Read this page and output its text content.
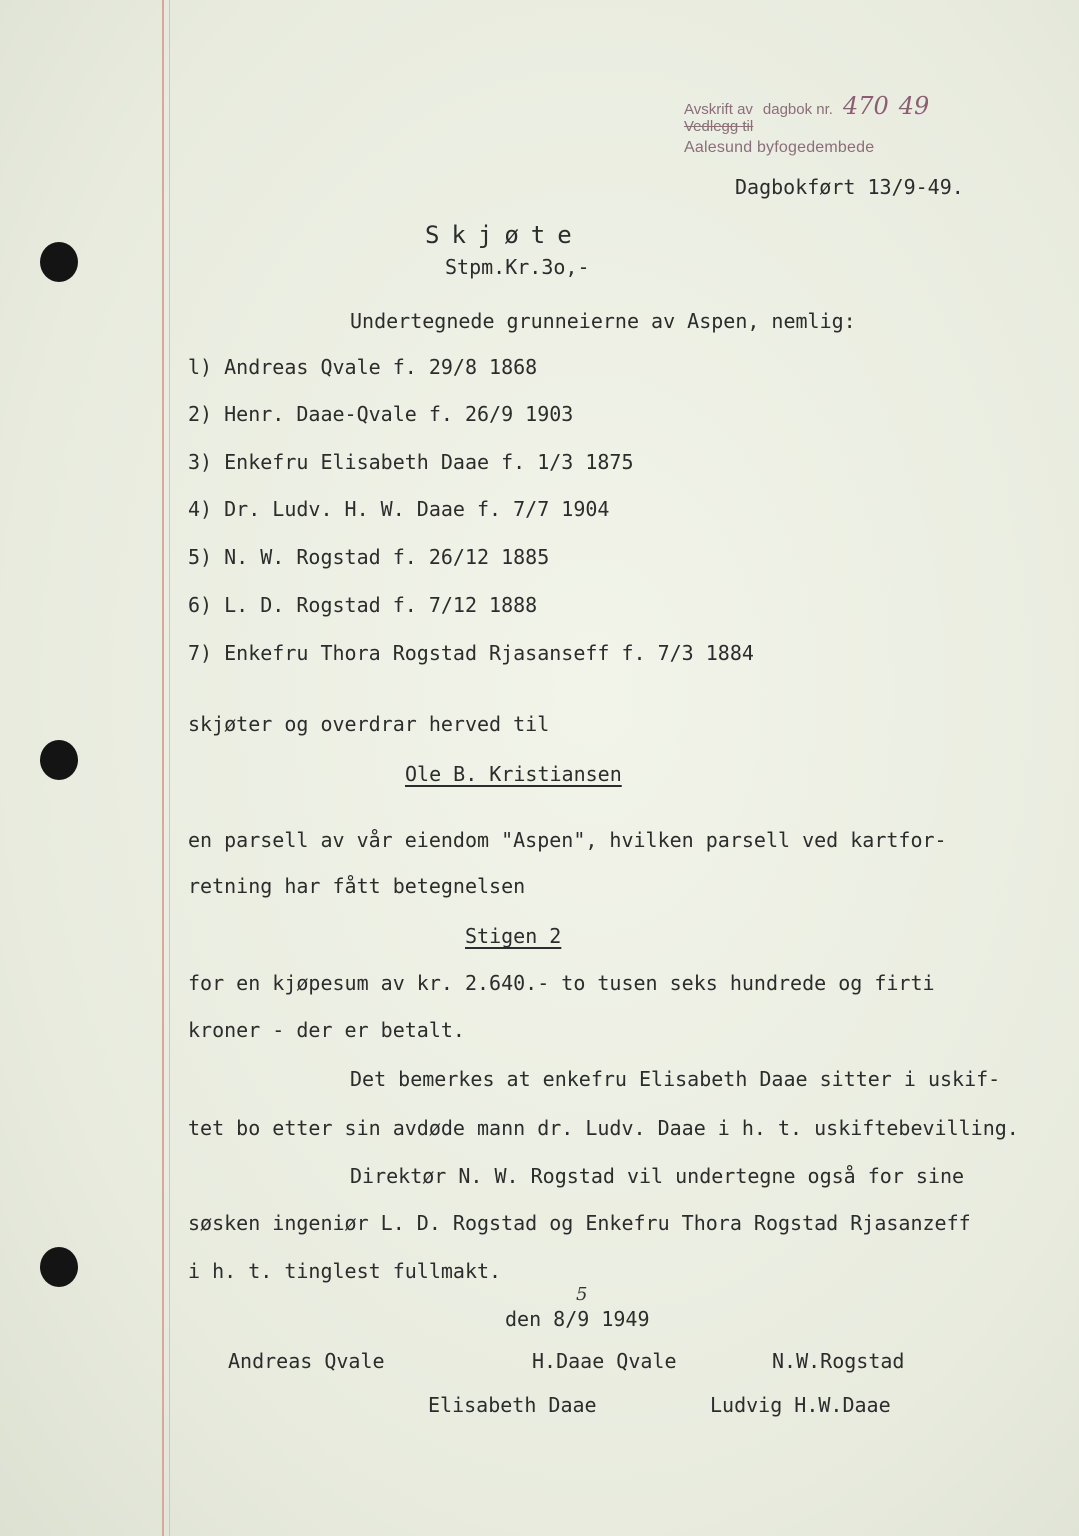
Avskrift av dagbok nr. 470 49
Vedlegg til
Aalesund byfogedembede
Dagbokført 13/9-49.
Skjøte
Stpm.Kr.3o,-
Undertegnede grunneierne av Aspen, nemlig:
l) Andreas Qvale f. 29/8 1868
2) Henr. Daae-Qvale f. 26/9 1903
3) Enkefru Elisabeth Daae f. 1/3 1875
4) Dr. Ludv. H. W. Daae f. 7/7 1904
5) N. W. Rogstad f. 26/12 1885
6) L. D. Rogstad f. 7/12 1888
7) Enkefru Thora Rogstad Rjasanseff f. 7/3 1884
skjøter og overdrar herved til
Ole B. Kristiansen
en parsell av vår eiendom "Aspen", hvilken parsell ved kartfor-
retning har fått betegnelsen
Stigen 2
for en kjøpesum av kr. 2.640.- to tusen seks hundrede og firti
kroner - der er betalt.
Det bemerkes at enkefru Elisabeth Daae sitter i uskif-
tet bo etter sin avdøde mann dr. Ludv. Daae i h. t. uskiftebevilling.
Direktør N. W. Rogstad vil undertegne også for sine
søsken ingeniør L. D. Rogstad og Enkefru Thora Rogstad Rjasanzeff
i h. t. tinglest fullmakt.
5
den 8/9 1949
Andreas Qvale	H.Daae Qvale	N.W.Rogstad
Elisabeth Daae	Ludvig H.W.Daae
